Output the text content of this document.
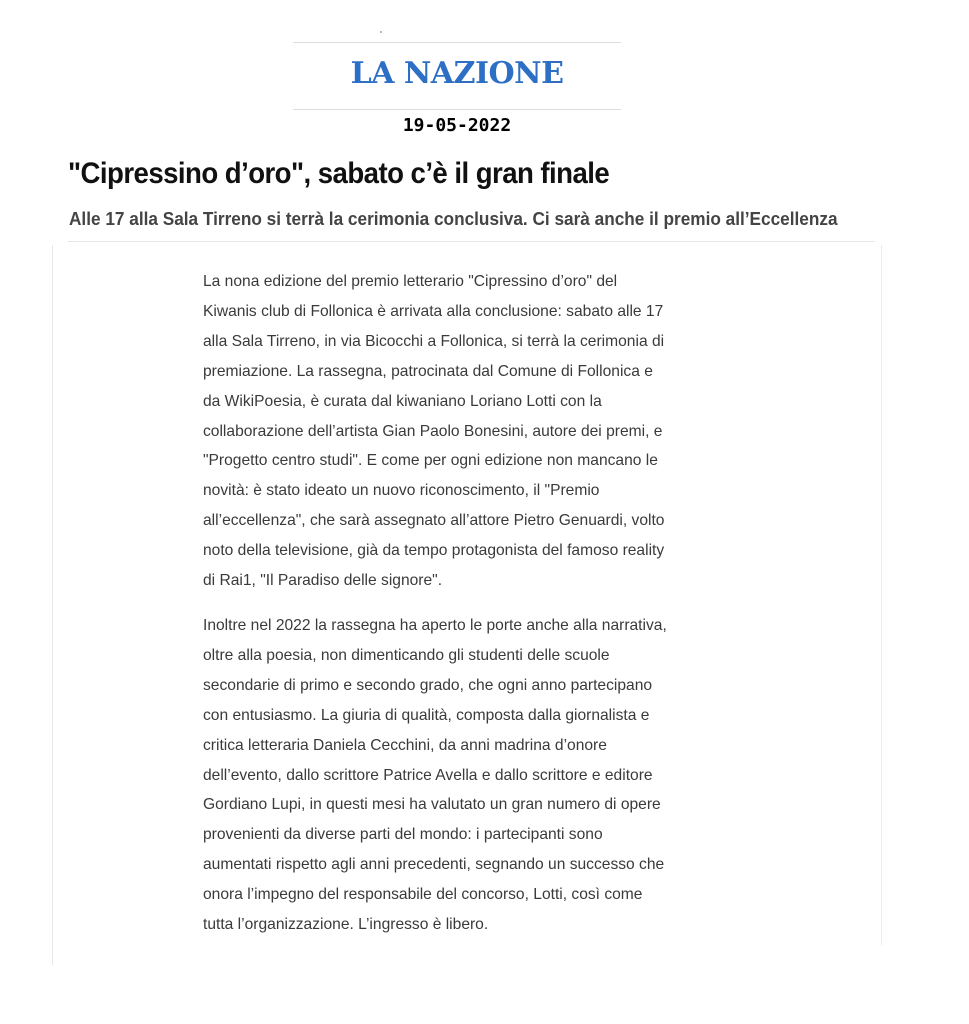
LA NAZIONE
19-05-2022
"Cipressino d’oro", sabato c’è il gran finale
Alle 17 alla Sala Tirreno si terrà la cerimonia conclusiva. Ci sarà anche il premio all’Eccellenza

La nona edizione del premio letterario "Cipressino d’oro" del
Kiwanis club di Follonica è arrivata alla conclusione: sabato alle 17
alla Sala Tirreno, in via Bicocchi a Follonica, si terrà la cerimonia di
premiazione. La rassegna, patrocinata dal Comune di Follonica e
da WikiPoesia, è curata dal kiwaniano Loriano Lotti con la
collaborazione dell’artista Gian Paolo Bonesini, autore dei premi, e
"Progetto centro studi". E come per ogni edizione non mancano le
novità: è stato ideato un nuovo riconoscimento, il "Premio
all’eccellenza", che sarà assegnato all’attore Pietro Genuardi, volto
noto della televisione, già da tempo protagonista del famoso reality
di Rai1, "Il Paradiso delle signore".

Inoltre nel 2022 la rassegna ha aperto le porte anche alla narrativa,
oltre alla poesia, non dimenticando gli studenti delle scuole
secondarie di primo e secondo grado, che ogni anno partecipano
con entusiasmo. La giuria di qualità, composta dalla giornalista e
critica letteraria Daniela Cecchini, da anni madrina d’onore
dell’evento, dallo scrittore Patrice Avella e dallo scrittore e editore
Gordiano Lupi, in questi mesi ha valutato un gran numero di opere
provenienti da diverse parti del mondo: i partecipanti sono
aumentati rispetto agli anni precedenti, segnando un successo che
onora l’impegno del responsabile del concorso, Lotti, così come
tutta l’organizzazione. L’ingresso è libero.
